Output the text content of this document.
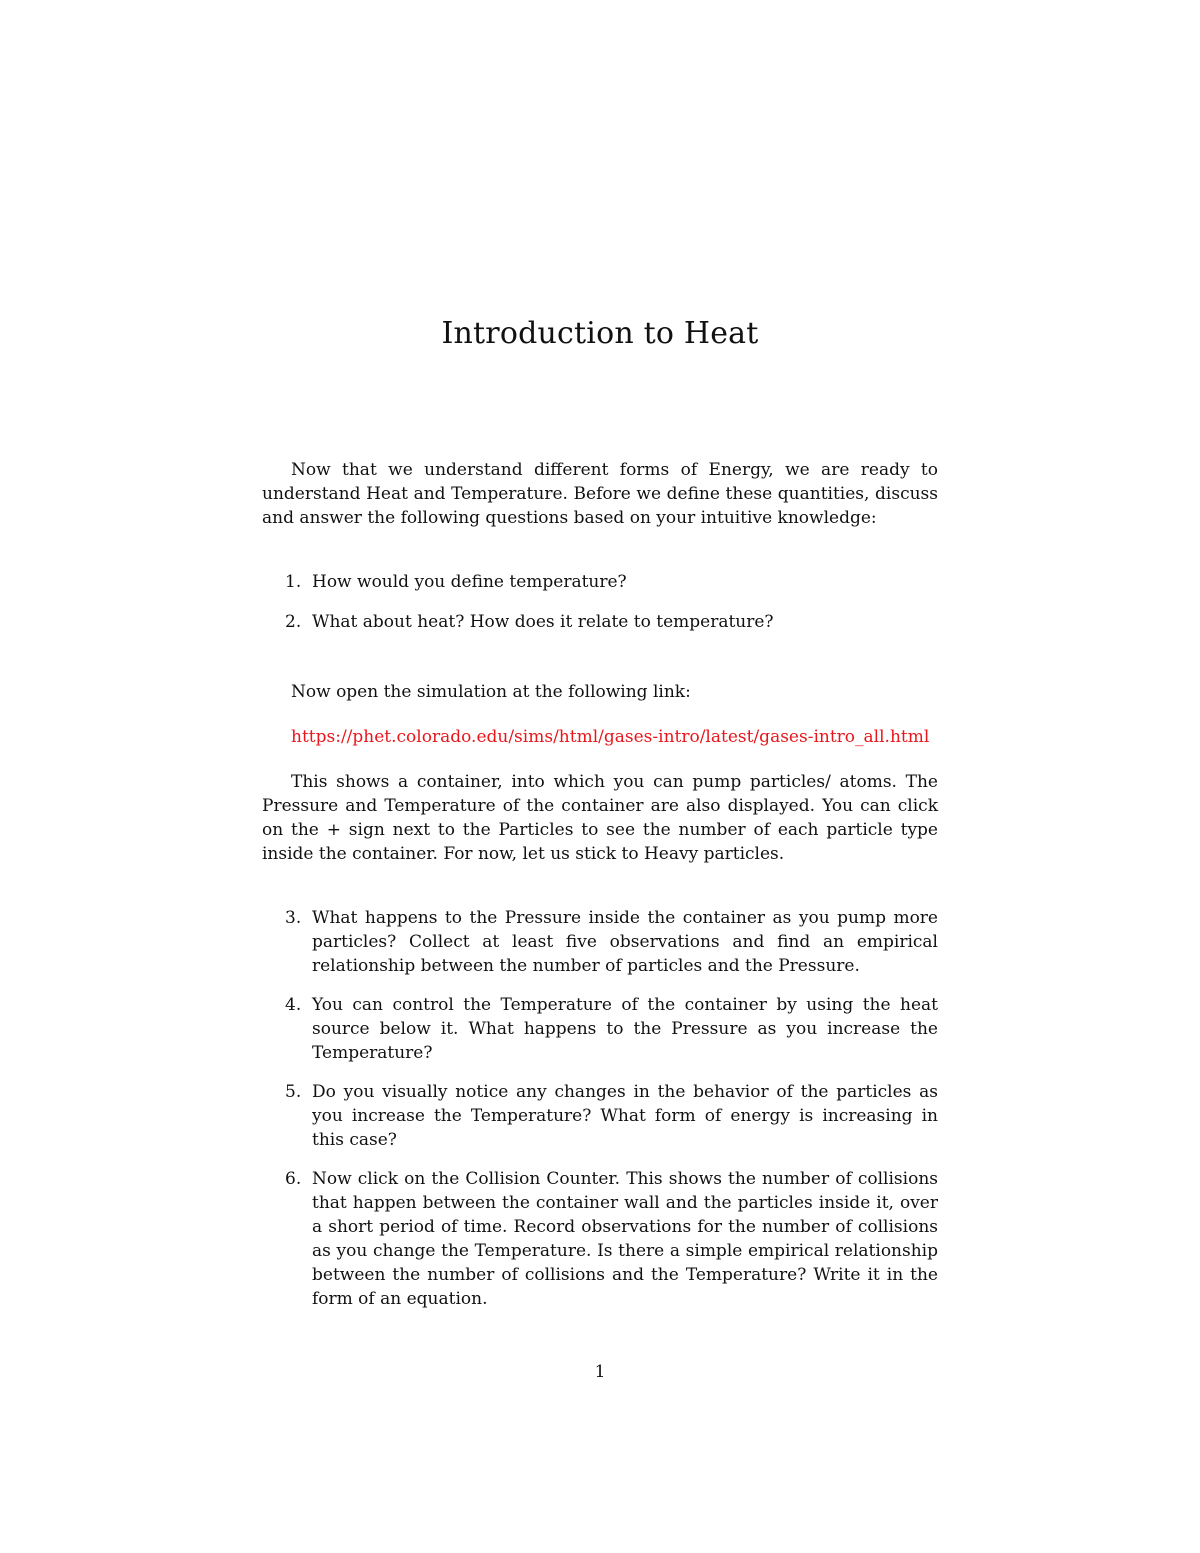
Introduction to Heat

Now that we understand different forms of Energy, we are ready to understand Heat and Temperature. Before we define these quantities, discuss and answer the following questions based on your intuitive knowledge:

1. How would you define temperature?
2. What about heat? How does it relate to temperature?

Now open the simulation at the following link:

https://phet.colorado.edu/sims/html/gases-intro/latest/gases-intro_all.html

This shows a container, into which you can pump particles/ atoms. The Pressure and Temperature of the container are also displayed. You can click on the + sign next to the Particles to see the number of each particle type inside the container. For now, let us stick to Heavy particles.

3. What happens to the Pressure inside the container as you pump more particles? Collect at least five observations and find an empirical relationship between the number of particles and the Pressure.
4. You can control the Temperature of the container by using the heat source below it. What happens to the Pressure as you increase the Temperature?
5. Do you visually notice any changes in the behavior of the particles as you increase the Temperature? What form of energy is increasing in this case?
6. Now click on the Collision Counter. This shows the number of collisions that happen between the container wall and the particles inside it, over a short period of time. Record observations for the number of collisions as you change the Temperature. Is there a simple empirical relationship between the number of collisions and the Temperature? Write it in the form of an equation.

1
